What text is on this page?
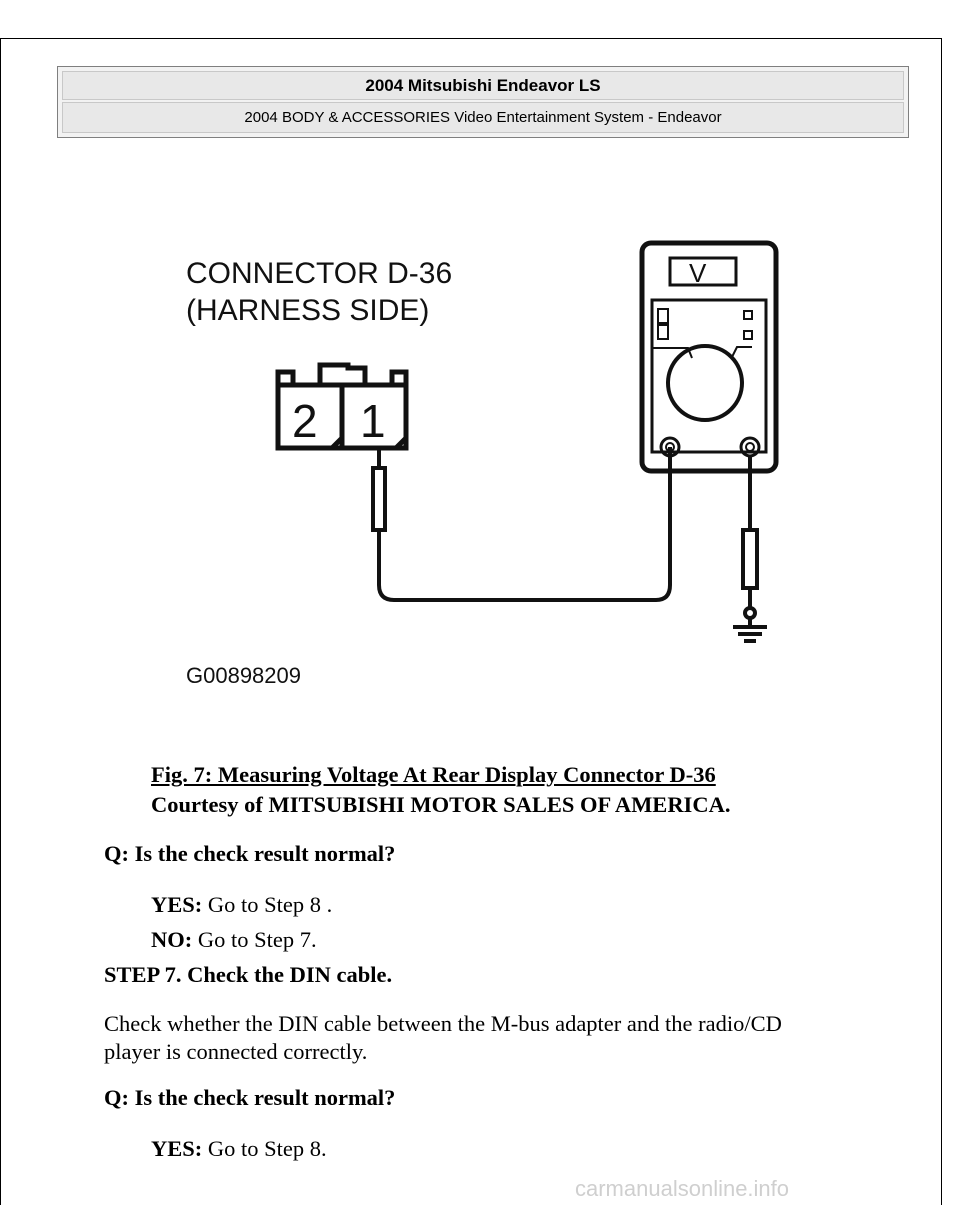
2004 Mitsubishi Endeavor LS
2004 BODY & ACCESSORIES Video Entertainment System - Endeavor
CONNECTOR D-36
(HARNESS SIDE)
2 1
V
G00898209
Fig. 7: Measuring Voltage At Rear Display Connector D-36
Courtesy of MITSUBISHI MOTOR SALES OF AMERICA.
Q: Is the check result normal?
YES: Go to Step 8 .
NO: Go to Step 7.
STEP 7. Check the DIN cable.
Check whether the DIN cable between the M-bus adapter and the radio/CD
player is connected correctly.
Q: Is the check result normal?
YES: Go to Step 8.
carmanualsonline.info
